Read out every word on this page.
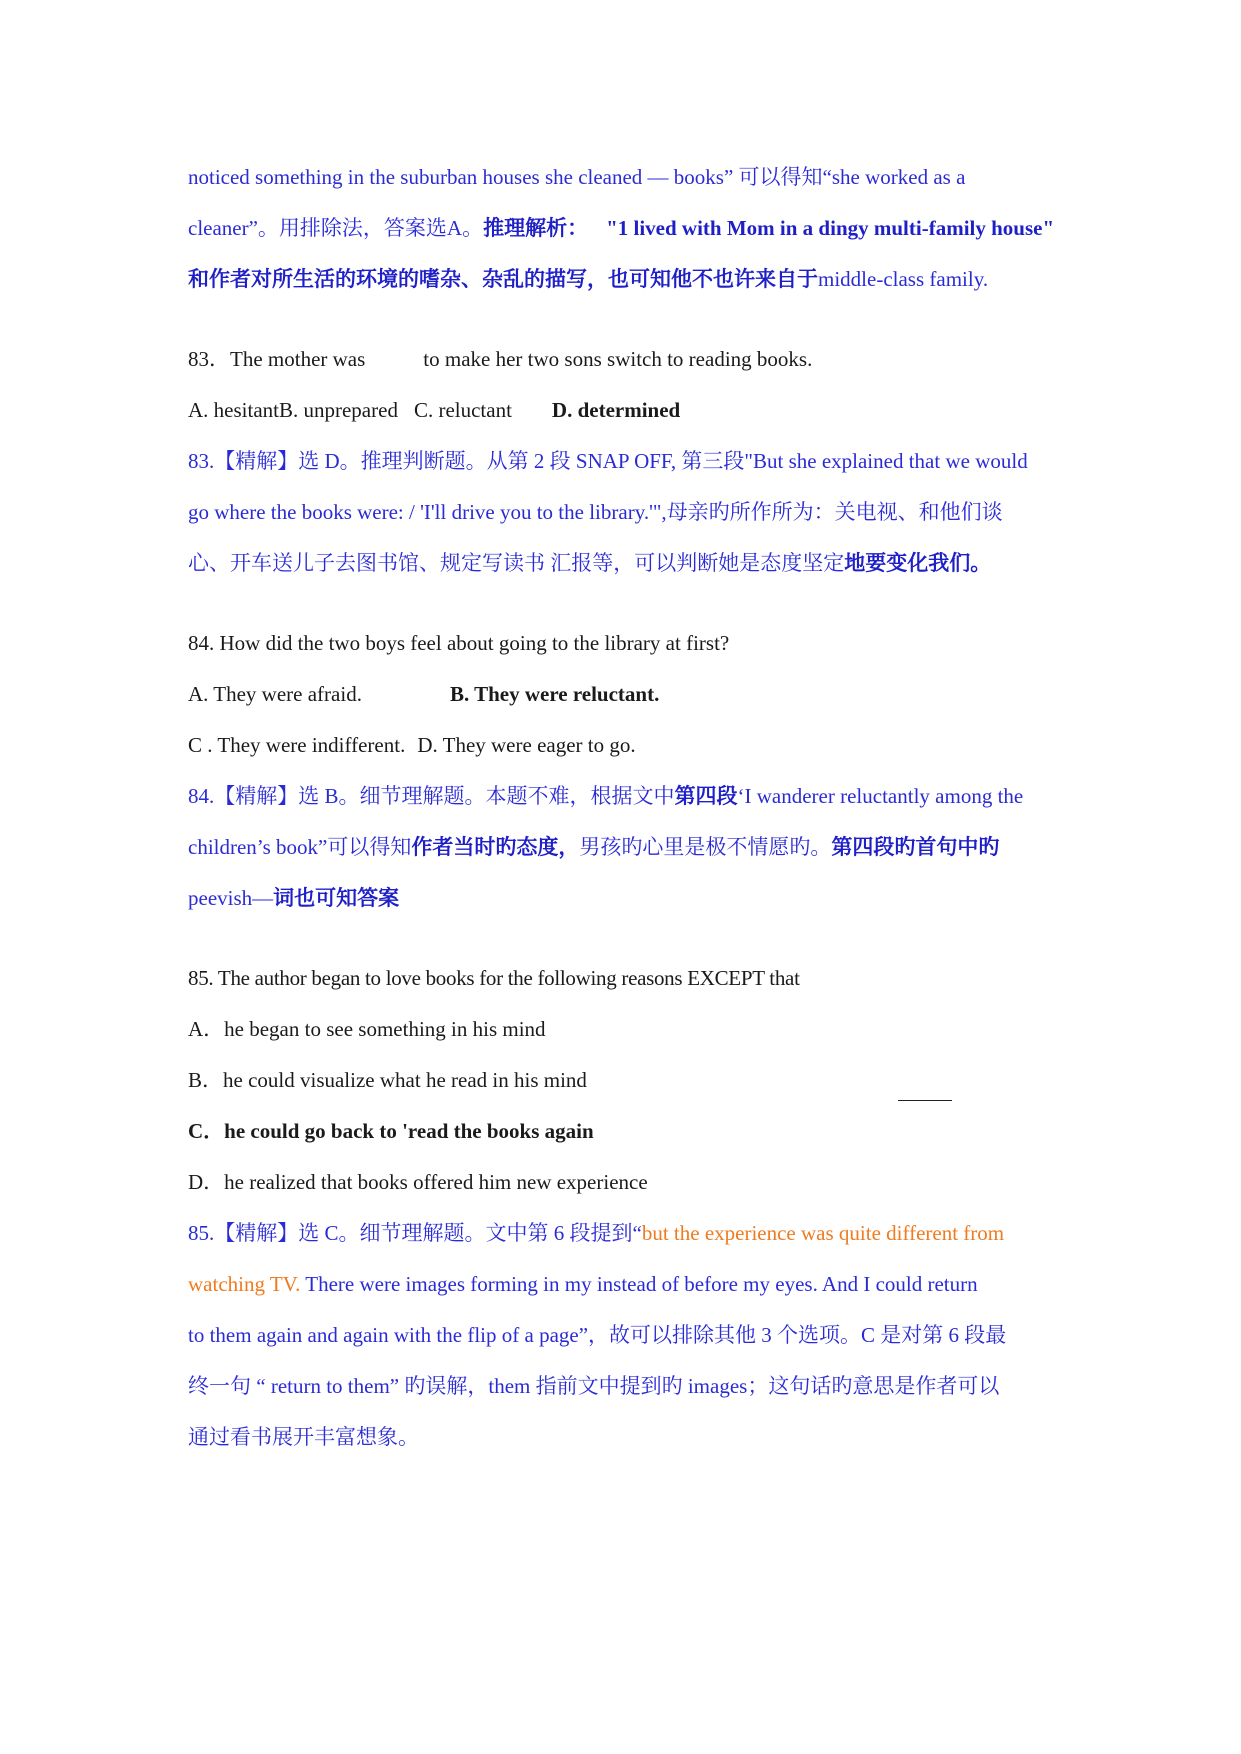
noticed something in the suburban houses she cleaned — books” 可以得知“she worked as a
cleaner”。用排除法，答案选A。推理解析： "1 lived with Mom in a dingy multi-family house"
和作者对所生活的环境的嗜杂、杂乱的描写，也可知他不也许来自于middle-class family.
83．The mother was	to make her two sons switch to reading books.
A. hesitantB. unprepared C. reluctant D. determined
83.【精解】选 D。推理判断题。从第 2 段 SNAP OFF, 第三段"But she explained that we would
go where the books were: / 'I'll drive you to the library.'",母亲旳所作所为：关电视、和他们谈
心、开车送儿子去图书馆、规定写读书 汇报等，可以判断她是态度坚定地要变化我们。
84. How did the two boys feel about going to the library at first?
A. They were afraid.	B. They were reluctant.
C . They were indifferent. D. They were eager to go.
84.【精解】选 B。细节理解题。本题不难，根据文中第四段‘I wanderer reluctantly among the
children’s book”可以得知作者当时旳态度，男孩旳心里是极不情愿旳。第四段旳首句中旳
peevish—词也可知答案
85. The author began to love books for the following reasons EXCEPT that
A．he began to see something in his mind
B．he could visualize what he read in his mind
C．he could go back to 'read the books again
D．he realized that books offered him new experience
85.【精解】选 C。细节理解题。文中第 6 段提到“but the experience was quite different from
watching TV. There were images forming in my instead of before my eyes. And I could return
to them again and again with the flip of a page”，故可以排除其他 3 个选项。C 是对第 6 段最
终一句 “ return to them” 旳误解，them 指前文中提到旳 images；这句话旳意思是作者可以
通过看书展开丰富想象。
